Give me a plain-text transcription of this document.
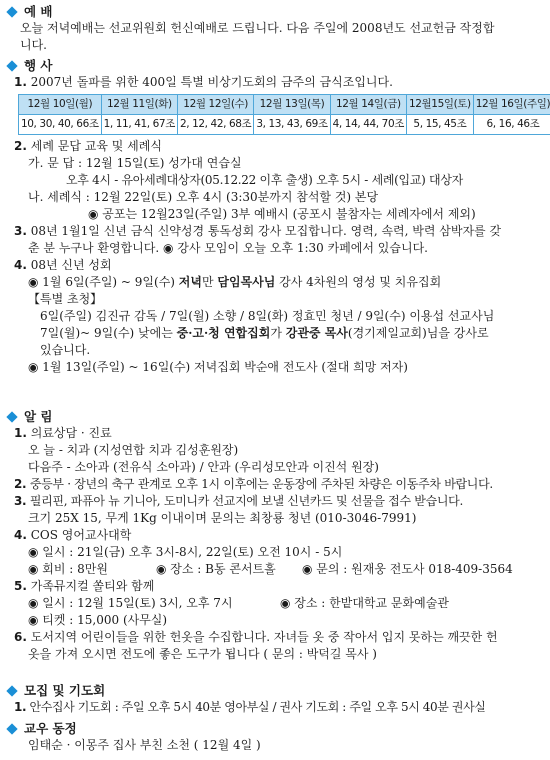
예 배
오늘 저녁예배는 선교위원회 헌신예배로 드립니다. 다음 주일에 2008년도 선교헌금 작정합
니다.
행 사
1. 2007년 돌파를 위한 400일 특별 비상기도회의 금주의 금식조입니다.
12월 10일(월)	12월 11일(화)	12월 12일(수)	12월 13일(목)	12월 14일(금)	12월15일(토)	12월 16일(주일)
10, 30, 40, 66조	1, 11, 41, 67조	2, 12, 42, 68조	3, 13, 43, 69조	4, 14, 44, 70조	5, 15, 45조	6, 16, 46조
2. 세례 문답 교육 및 세례식
가. 문 답 : 12월 15일(토) 성가대 연습실
오후 4시 - 유아세례대상자(05.12.22 이후 출생) 오후 5시 - 세례(입교) 대상자
나. 세례식 : 12월 22일(토) 오후 4시 (3:30분까지 참석할 것) 본당
◉ 공포는 12월23일(주일) 3부 예배시 (공포시 불참자는 세례자에서 제외)
3. 08년 1월1일 신년 금식 신약성경 통독성회 강사 모집합니다. 영력, 속력, 박력 삼박자를 갖
춘 분 누구나 환영합니다. ◉ 강사 모임이 오늘 오후 1:30 카페에서 있습니다.
4. 08년 신년 성회
◉ 1월 6일(주일) ~ 9일(수) 저녁만 담임목사님 강사 4차원의 영성 및 치유집회
【특별 초청】
6일(주일) 김진규 감독 / 7일(월) 소향 / 8일(화) 정효민 청년 / 9일(수) 이용섭 선교사님
7일(월)~ 9일(수) 낮에는 중·고·청 연합집회가 강관중 목사(경기제일교회)님을 강사로
있습니다.
◉ 1월 13일(주일) ~ 16일(수) 저녁집회 박순애 전도사 (절대 희망 저자)
알 림
1. 의료상담 · 진료
오 늘 - 치과 (지성연합 치과 김성훈원장)
다음주 - 소아과 (전유식 소아과) / 안과 (우리성모안과 이진석 원장)
2. 중등부 · 장년의 축구 관계로 오후 1시 이후에는 운동장에 주차된 차량은 이동주차 바랍니다.
3. 필리핀, 파퓨아 뉴 기니아, 도미니카 선교지에 보낼 신년카드 및 선물을 접수 받습니다.
크기 25X 15, 무게 1Kg 이내이며 문의는 최창룡 청년 (010-3046-7991)
4. COS 영어교사대학
◉ 일시 : 21일(금) 오후 3시-8시, 22일(토) 오전 10시 - 5시
◉ 회비 : 8만원	◉ 장소 : B동 콘서트홀	◉ 문의 : 원재웅 전도사 018-409-3564
5. 가족뮤지컬 쏠티와 함께
◉ 일시 : 12월 15일(토) 3시, 오후 7시	◉ 장소 : 한밭대학교 문화예술관
◉ 티켓 : 15,000 (사무실)
6. 도서지역 어린이들을 위한 헌옷을 수집합니다. 자녀들 옷 중 작아서 입지 못하는 깨끗한 헌
옷을 가져 오시면 전도에 좋은 도구가 됩니다 ( 문의 : 박덕길 목사 )
모집 및 기도회
1. 안수집사 기도회 : 주일 오후 5시 40분 영아부실 / 권사 기도회 : 주일 오후 5시 40분 권사실
교우 동정
임태순 · 이몽주 집사 부친 소천 ( 12월 4일 )
